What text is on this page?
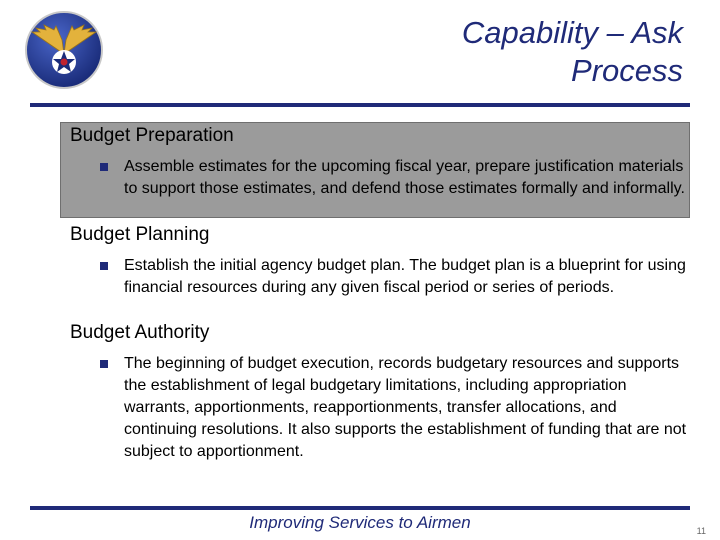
Capability – Ask
Process
Budget Preparation
Assemble estimates for the upcoming fiscal year, prepare justification materials to support those estimates, and defend those estimates formally and informally.
Budget Planning
Establish the initial agency budget plan. The budget plan is a blueprint for using financial resources during any given fiscal period or series of periods.
Budget Authority
The beginning of budget execution, records budgetary resources and supports the establishment of legal budgetary limitations, including appropriation warrants, apportionments, reapportionments, transfer allocations, and continuing resolutions. It also supports the establishment of funding that are not subject to apportionment.
Improving Services to Airmen	11
